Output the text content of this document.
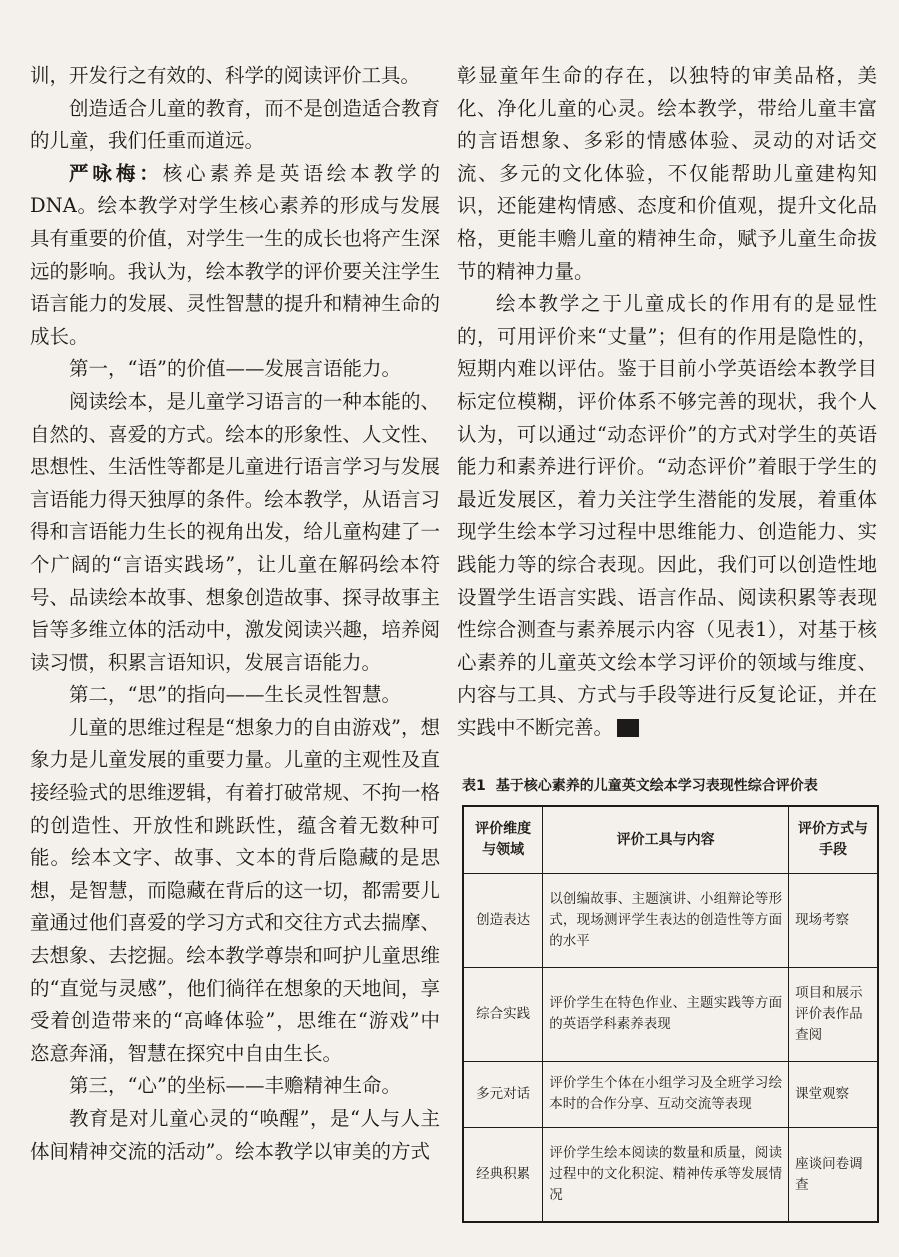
训，开发行之有效的、科学的阅读评价工具。

创造适合儿童的教育，而不是创造适合教育的儿童，我们任重而道远。

严咏梅：核心素养是英语绘本教学的DNA。绘本教学对学生核心素养的形成与发展具有重要的价值，对学生一生的成长也将产生深远的影响。我认为，绘本教学的评价要关注学生语言能力的发展、灵性智慧的提升和精神生命的成长。

第一，“语”的价值——发展言语能力。

阅读绘本，是儿童学习语言的一种本能的、自然的、喜爱的方式。绘本的形象性、人文性、思想性、生活性等都是儿童进行语言学习与发展言语能力得天独厚的条件。绘本教学，从语言习得和言语能力生长的视角出发，给儿童构建了一个广阔的“言语实践场”，让儿童在解码绘本符号、品读绘本故事、想象创造故事、探寻故事主旨等多维立体的活动中，激发阅读兴趣，培养阅读习惯，积累言语知识，发展言语能力。

第二，“思”的指向——生长灵性智慧。

儿童的思维过程是“想象力的自由游戏”，想象力是儿童发展的重要力量。儿童的主观性及直接经验式的思维逻辑，有着打破常规、不拘一格的创造性、开放性和跳跃性，蕴含着无数种可能。绘本文字、故事、文本的背后隐藏的是思想，是智慧，而隐藏在背后的这一切，都需要儿童通过他们喜爱的学习方式和交往方式去揣摩、去想象、去挖掘。绘本教学尊崇和呵护儿童思维的“直觉与灵感”，他们徜徉在想象的天地间，享受着创造带来的“高峰体验”，思维在“游戏”中恣意奔涌，智慧在探究中自由生长。

第三，“心”的坐标——丰赡精神生命。

教育是对儿童心灵的“唤醒”，是“人与人主体间精神交流的活动”。绘本教学以审美的方式

彰显童年生命的存在，以独特的审美品格，美化、净化儿童的心灵。绘本教学，带给儿童丰富的言语想象、多彩的情感体验、灵动的对话交流、多元的文化体验，不仅能帮助儿童建构知识，还能建构情感、态度和价值观，提升文化品格，更能丰赡儿童的精神生命，赋予儿童生命拔节的精神力量。

绘本教学之于儿童成长的作用有的是显性的，可用评价来“丈量”；但有的作用是隐性的，短期内难以评估。鉴于目前小学英语绘本教学目标定位模糊，评价体系不够完善的现状，我个人认为，可以通过“动态评价”的方式对学生的英语能力和素养进行评价。“动态评价”着眼于学生的最近发展区，着力关注学生潜能的发展，着重体现学生绘本学习过程中思维能力、创造能力、实践能力等的综合表现。因此，我们可以创造性地设置学生语言实践、语言作品、阅读积累等表现性综合测查与素养展示内容（见表1），对基于核心素养的儿童英文绘本学习评价的领域与维度、内容与工具、方式与手段等进行反复论证，并在实践中不断完善。	D

表1 基于核心素养的儿童英文绘本学习表现性综合评价表
评价维度与领域	评价工具与内容	评价方式与手段
创造表达	以创编故事、主题演讲、小组辩论等形式，现场测评学生表达的创造性等方面的水平	现场考察
综合实践	评价学生在特色作业、主题实践等方面的英语学科素养表现	项目和展示评价表作品查阅
多元对话	评价学生个体在小组学习及全班学习绘本时的合作分享、互动交流等表现	课堂观察
经典积累	评价学生绘本阅读的数量和质量，阅读过程中的文化积淀、精神传承等发展情况	座谈问卷调查
